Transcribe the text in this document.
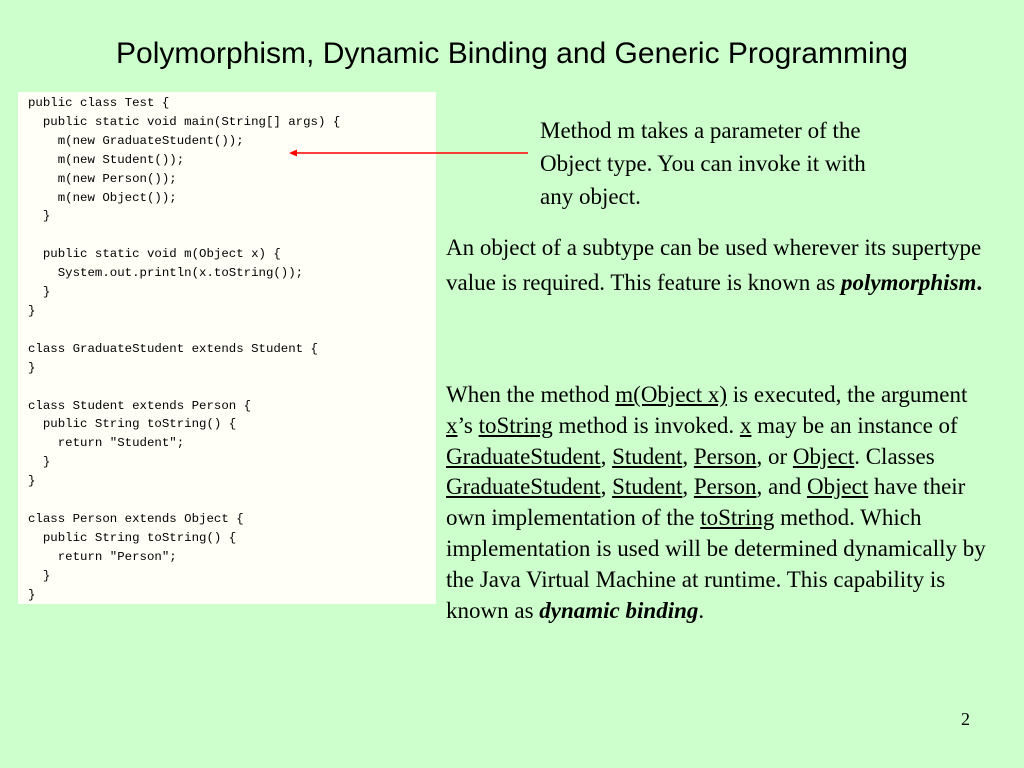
Polymorphism, Dynamic Binding and Generic Programming
public class Test {
public static void main(String[] args) {
m(new GraduateStudent());
m(new Student());
m(new Person());
m(new Object());
}

public static void m(Object x) {
System.out.println(x.toString());
}
}

class GraduateStudent extends Student {
}

class Student extends Person {
public String toString() {
return "Student";
}
}

class Person extends Object {
public String toString() {
return "Person";
}
}
Method m takes a parameter of the Object type. You can invoke it with any object.
An object of a subtype can be used wherever its supertype value is required. This feature is known as polymorphism.
When the method m(Object x) is executed, the argument x’s toString method is invoked. x may be an instance of GraduateStudent, Student, Person, or Object. Classes GraduateStudent, Student, Person, and Object have their own implementation of the toString method. Which implementation is used will be determined dynamically by the Java Virtual Machine at runtime. This capability is known as dynamic binding.
2
